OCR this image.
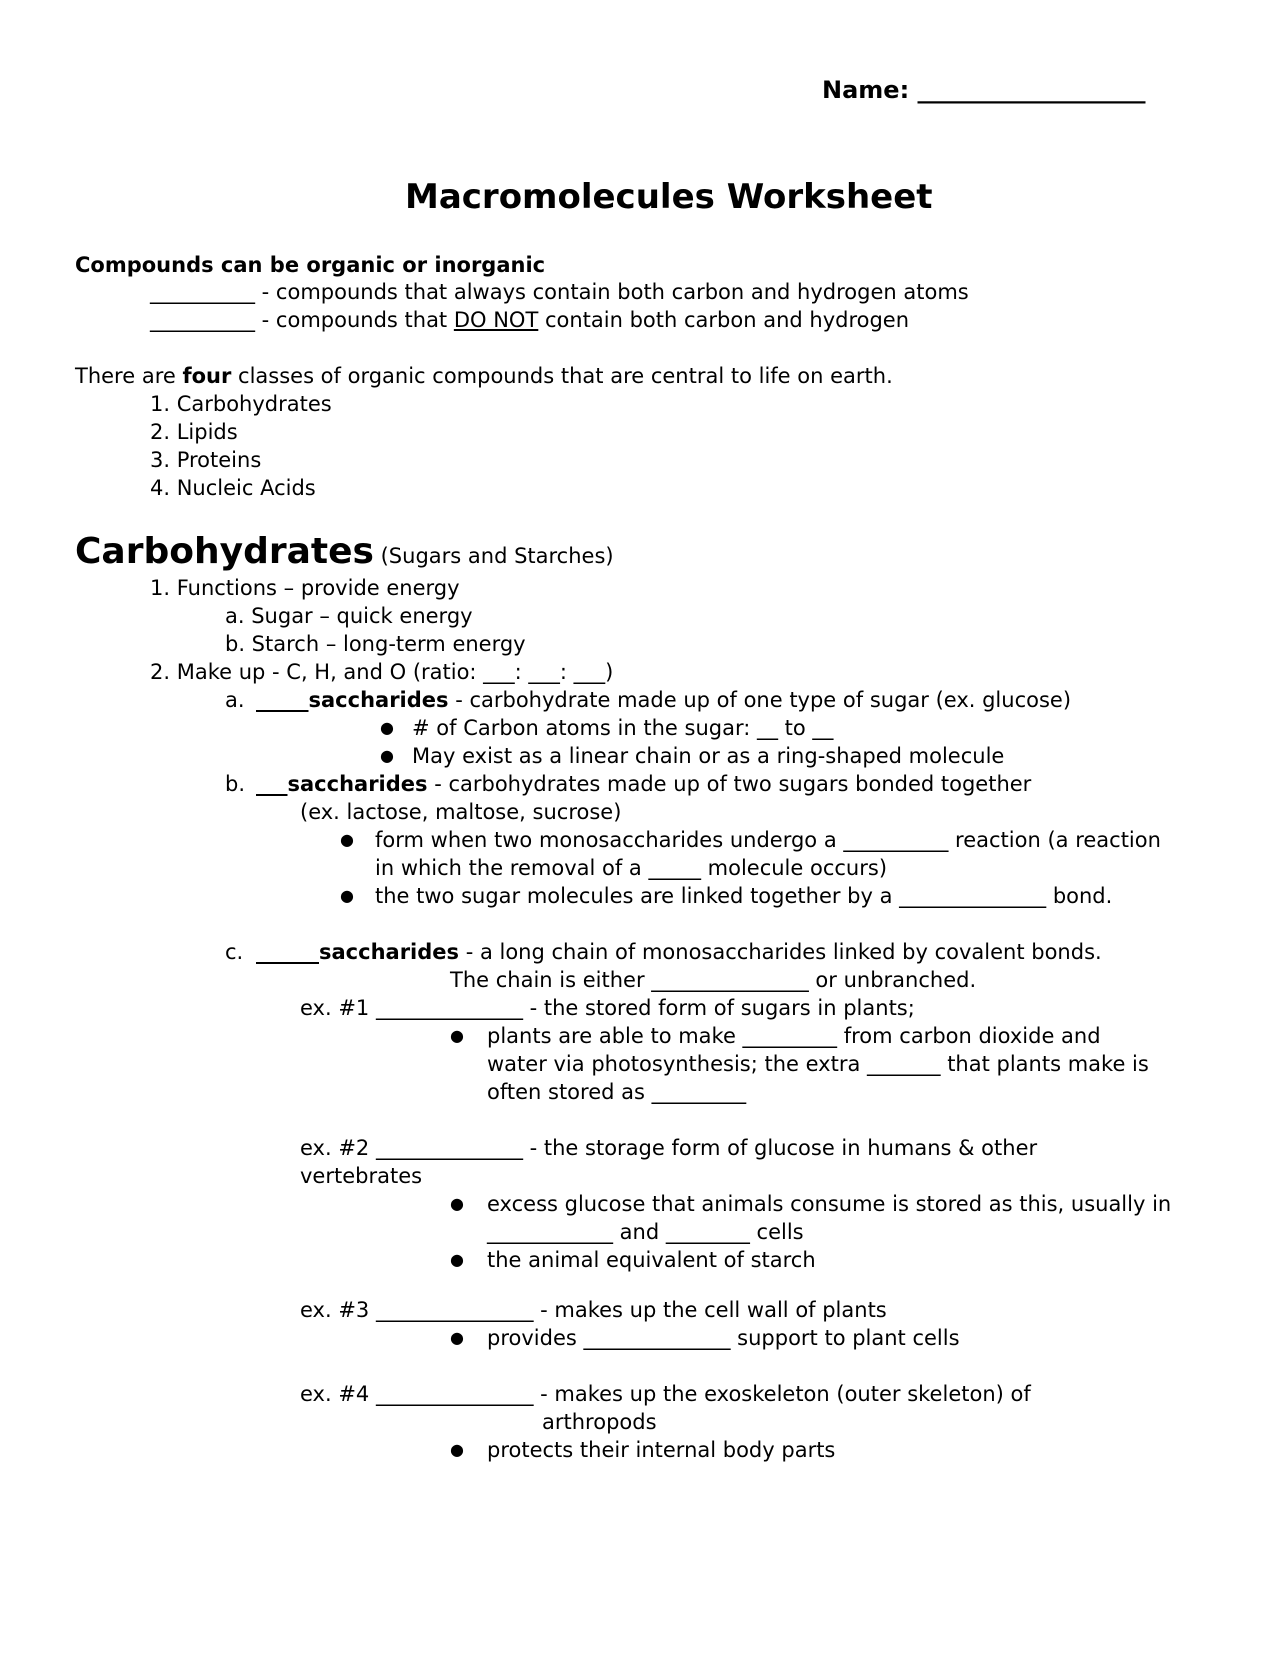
Name: ___________________
Macromolecules Worksheet
Compounds can be organic or inorganic
__________ - compounds that always contain both carbon and hydrogen atoms
__________ - compounds that DO NOT contain both carbon and hydrogen
There are four classes of organic compounds that are central to life on earth.
1. Carbohydrates
2. Lipids
3. Proteins
4. Nucleic Acids
Carbohydrates (Sugars and Starches)
1. Functions – provide energy
a. Sugar – quick energy
b. Starch – long-term energy
2. Make up - C, H, and O (ratio: ___: ___: ___)
a. _____saccharides - carbohydrate made up of one type of sugar (ex. glucose)
● # of Carbon atoms in the sugar: __ to __
● May exist as a linear chain or as a ring-shaped molecule
b. ___saccharides - carbohydrates made up of two sugars bonded together
(ex. lactose, maltose, sucrose)
● form when two monosaccharides undergo a __________ reaction (a reaction
in which the removal of a _____ molecule occurs)
● the two sugar molecules are linked together by a ______________ bond.
c. ______saccharides - a long chain of monosaccharides linked by covalent bonds.
The chain is either _______________ or unbranched.
ex. #1 ______________ - the stored form of sugars in plants;
● plants are able to make _________ from carbon dioxide and
water via photosynthesis; the extra _______ that plants make is
often stored as _________
ex. #2 ______________ - the storage form of glucose in humans & other
vertebrates
● excess glucose that animals consume is stored as this, usually in
____________ and ________ cells
● the animal equivalent of starch
ex. #3 _______________ - makes up the cell wall of plants
● provides ______________ support to plant cells
ex. #4 _______________ - makes up the exoskeleton (outer skeleton) of
arthropods
● protects their internal body parts
